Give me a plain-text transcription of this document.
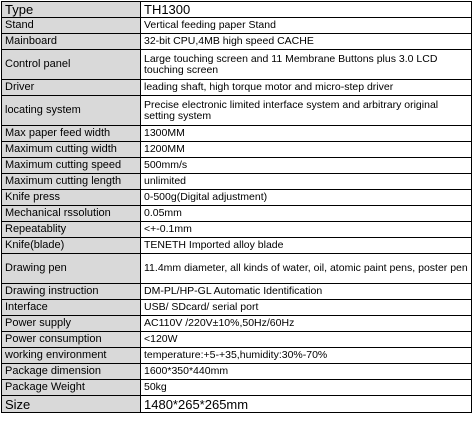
Type	TH1300
Stand	Vertical feeding paper Stand
Mainboard	32-bit CPU,4MB high speed CACHE
Control panel	Large touching screen and 11 Membrane Buttons plus 3.0 LCD touching screen
Driver	leading shaft, high torque motor and micro-step driver
locating system	Precise electronic limited interface system and arbitrary original setting system
Max paper feed width	1300MM
Maximum cutting width	1200MM
Maximum cutting speed	500mm/s
Maximum cutting length	unlimited
Knife press	0-500g(Digital adjustment)
Mechanical rssolution	0.05mm
Repeatablity	<+-0.1mm
Knife(blade)	TENETH Imported alloy blade
Drawing pen	11.4mm diameter, all kinds of water, oil, atomic paint pens, poster pen
Drawing instruction	DM-PL/HP-GL Automatic Identification
Interface	USB/ SDcard/ serial port
Power supply	AC110V /220V±10%,50Hz/60Hz
Power consumption	<120W
working environment	temperature:+5-+35,humidity:30%-70%
Package dimension	1600*350*440mm
Package Weight	50kg
Size	1480*265*265mm
